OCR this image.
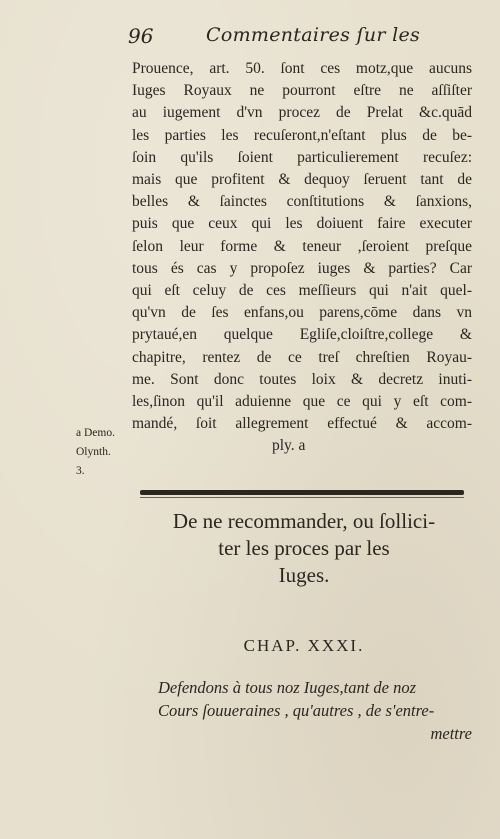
96	Commentaires ſur les
Prouence, art. 50. ſont ces motz,que aucuns
Iuges Royaux ne pourront eſtre ne aſſiſter
au iugement d'vn procez de Prelat &c.quād
les parties les recuſeront,n'eſtant plus de be-
ſoin qu'ils ſoient particulierement recuſez:
mais que profitent & dequoy ſeruent tant de
belles & ſainctes conſtitutions & ſanxions,
puis que ceux qui les doiuent faire executer
ſelon leur forme & teneur ,ſeroient preſque
tous és cas y propoſez iuges & parties? Car
qui eſt celuy de ces meſſieurs qui n'ait quel-
qu'vn de ſes enfans,ou parens,cōme dans vn
prytaué,en quelque Egliſe,cloiſtre,college &
chapitre, rentez de ce treſ chreſtien Royau-
me. Sont donc toutes loix & decretz inuti-
les,ſinon qu'il aduienne que ce qui y eſt com-
mandé, ſoit allegrement effectué & accom-
ply. a
a Demo.
Olynth.
3.
De ne recommander, ou ſollici-
ter les proces par les
Iuges.
CHAP. XXXI.
Defendons à tous noz Iuges,tant de noz
Cours ſouueraines , qu'autres , de s'entre-
mettre
